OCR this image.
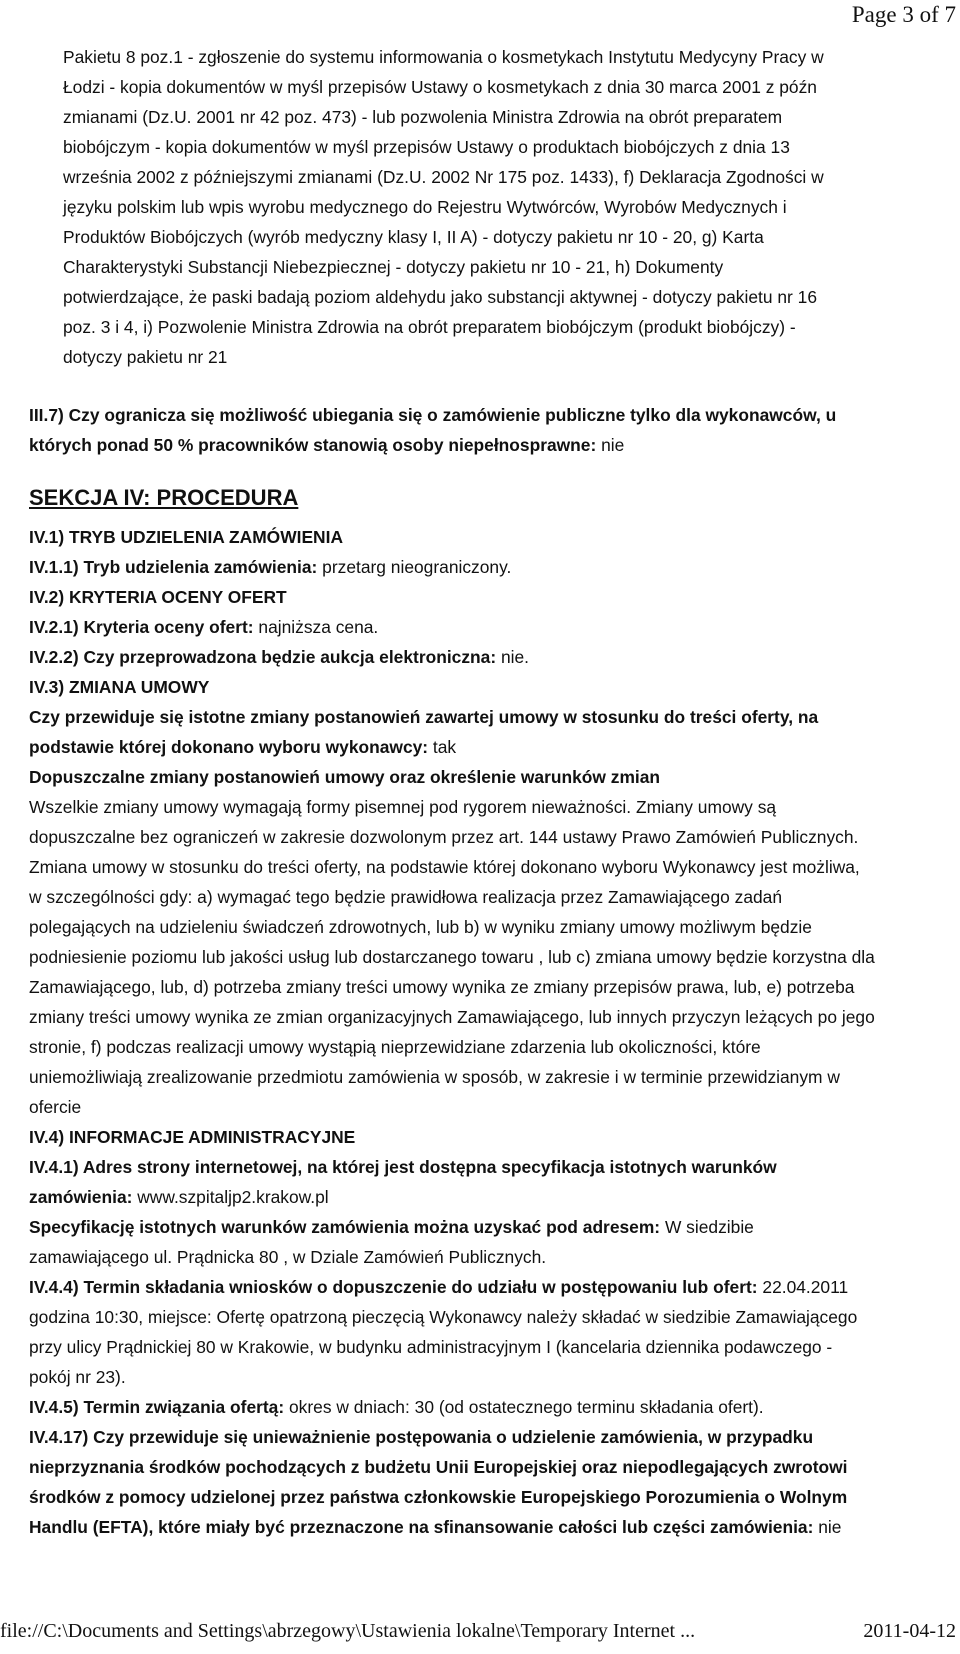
Page 3 of 7
Pakietu 8 poz.1 - zgłoszenie do systemu informowania o kosmetykach Instytutu Medycyny Pracy w
Łodzi - kopia dokumentów w myśl przepisów Ustawy o kosmetykach z dnia 30 marca 2001 z późn
zmianami (Dz.U. 2001 nr 42 poz. 473) - lub pozwolenia Ministra Zdrowia na obrót preparatem
biobójczym - kopia dokumentów w myśl przepisów Ustawy o produktach biobójczych z dnia 13
września 2002 z późniejszymi zmianami (Dz.U. 2002 Nr 175 poz. 1433), f) Deklaracja Zgodności w
języku polskim lub wpis wyrobu medycznego do Rejestru Wytwórców, Wyrobów Medycznych i
Produktów Biobójczych (wyrób medyczny klasy I, II A) - dotyczy pakietu nr 10 - 20, g) Karta
Charakterystyki Substancji Niebezpiecznej - dotyczy pakietu nr 10 - 21, h) Dokumenty
potwierdzające, że paski badają poziom aldehydu jako substancji aktywnej - dotyczy pakietu nr 16
poz. 3 i 4, i) Pozwolenie Ministra Zdrowia na obrót preparatem biobójczym (produkt biobójczy) -
dotyczy pakietu nr 21
III.7) Czy ogranicza się możliwość ubiegania się o zamówienie publiczne tylko dla wykonawców, u
których ponad 50 % pracowników stanowią osoby niepełnosprawne: nie
SEKCJA IV: PROCEDURA
IV.1) TRYB UDZIELENIA ZAMÓWIENIA
IV.1.1) Tryb udzielenia zamówienia: przetarg nieograniczony.
IV.2) KRYTERIA OCENY OFERT
IV.2.1) Kryteria oceny ofert: najniższa cena.
IV.2.2) Czy przeprowadzona będzie aukcja elektroniczna: nie.
IV.3) ZMIANA UMOWY
Czy przewiduje się istotne zmiany postanowień zawartej umowy w stosunku do treści oferty, na
podstawie której dokonano wyboru wykonawcy: tak
Dopuszczalne zmiany postanowień umowy oraz określenie warunków zmian
Wszelkie zmiany umowy wymagają formy pisemnej pod rygorem nieważności. Zmiany umowy są
dopuszczalne bez ograniczeń w zakresie dozwolonym przez art. 144 ustawy Prawo Zamówień Publicznych.
Zmiana umowy w stosunku do treści oferty, na podstawie której dokonano wyboru Wykonawcy jest możliwa,
w szczególności gdy: a) wymagać tego będzie prawidłowa realizacja przez Zamawiającego zadań
polegających na udzieleniu świadczeń zdrowotnych, lub b) w wyniku zmiany umowy możliwym będzie
podniesienie poziomu lub jakości usług lub dostarczanego towaru , lub c) zmiana umowy będzie korzystna dla
Zamawiającego, lub, d) potrzeba zmiany treści umowy wynika ze zmiany przepisów prawa, lub, e) potrzeba
zmiany treści umowy wynika ze zmian organizacyjnych Zamawiającego, lub innych przyczyn leżących po jego
stronie, f) podczas realizacji umowy wystąpią nieprzewidziane zdarzenia lub okoliczności, które
uniemożliwiają zrealizowanie przedmiotu zamówienia w sposób, w zakresie i w terminie przewidzianym w
ofercie
IV.4) INFORMACJE ADMINISTRACYJNE
IV.4.1) Adres strony internetowej, na której jest dostępna specyfikacja istotnych warunków
zamówienia: www.szpitaljp2.krakow.pl
Specyfikację istotnych warunków zamówienia można uzyskać pod adresem: W siedzibie
zamawiającego ul. Prądnicka 80 , w Dziale Zamówień Publicznych.
IV.4.4) Termin składania wniosków o dopuszczenie do udziału w postępowaniu lub ofert: 22.04.2011
godzina 10:30, miejsce: Ofertę opatrzoną pieczęcią Wykonawcy należy składać w siedzibie Zamawiającego
przy ulicy Prądnickiej 80 w Krakowie, w budynku administracyjnym I (kancelaria dziennika podawczego -
pokój nr 23).
IV.4.5) Termin związania ofertą: okres w dniach: 30 (od ostatecznego terminu składania ofert).
IV.4.17) Czy przewiduje się unieważnienie postępowania o udzielenie zamówienia, w przypadku
nieprzyznania środków pochodzących z budżetu Unii Europejskiej oraz niepodlegających zwrotowi
środków z pomocy udzielonej przez państwa członkowskie Europejskiego Porozumienia o Wolnym
Handlu (EFTA), które miały być przeznaczone na sfinansowanie całości lub części zamówienia: nie
file://C:\Documents and Settings\abrzegowy\Ustawienia lokalne\Temporary Internet ...	2011-04-12
